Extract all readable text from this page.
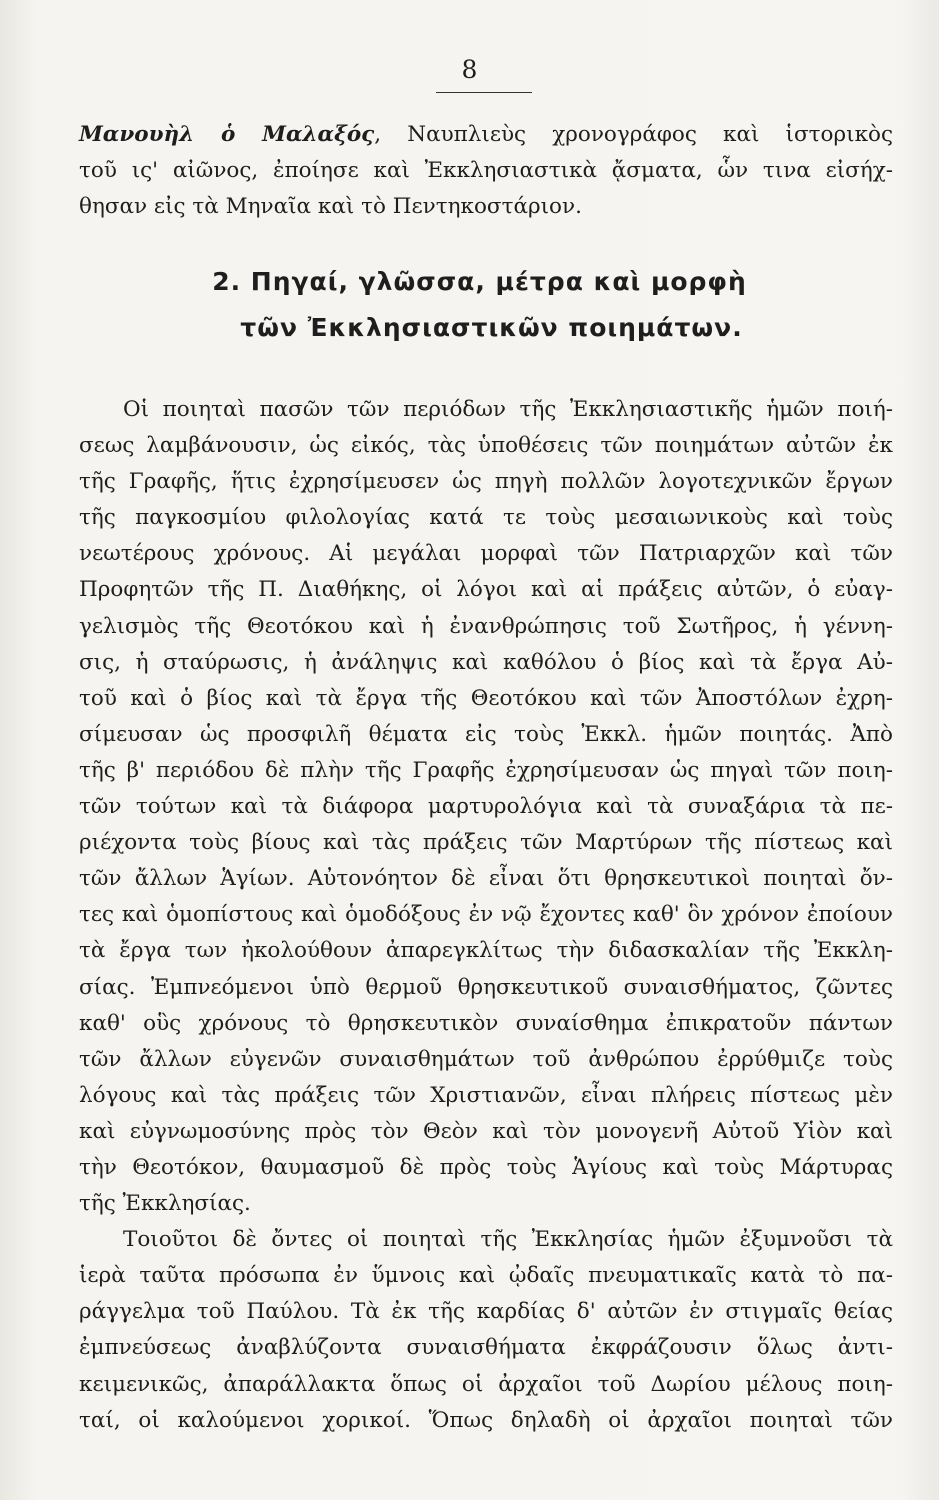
8
Μανουὴλ ὁ Μαλαξός, Ναυπλιεὺς χρονογράφος καὶ ἱστορικὸς
τοῦ ις' αἰῶνος, ἐποίησε καὶ Ἐκκλησιαστικὰ ᾄσματα, ὧν τινα εἰσήχ-
θησαν εἰς τὰ Μηναῖα καὶ τὸ Πεντηκοστάριον.
2. Πηγαί, γλῶσσα, μέτρα καὶ μορφὴ
τῶν Ἐκκλησιαστικῶν ποιημάτων.
Οἱ ποιηταὶ πασῶν τῶν περιόδων τῆς Ἐκκλησιαστικῆς ἡμῶν ποιή-
σεως λαμβάνουσιν, ὡς εἰκός, τὰς ὑποθέσεις τῶν ποιημάτων αὐτῶν ἐκ
τῆς Γραφῆς, ἥτις ἐχρησίμευσεν ὡς πηγὴ πολλῶν λογοτεχνικῶν ἔργων
τῆς παγκοσμίου φιλολογίας κατά τε τοὺς μεσαιωνικοὺς καὶ τοὺς
νεωτέρους χρόνους. Αἱ μεγάλαι μορφαὶ τῶν Πατριαρχῶν καὶ τῶν
Προφητῶν τῆς Π. Διαθήκης, οἱ λόγοι καὶ αἱ πράξεις αὐτῶν, ὁ εὐαγ-
γελισμὸς τῆς Θεοτόκου καὶ ἡ ἐνανθρώπησις τοῦ Σωτῆρος, ἡ γέννη-
σις, ἡ σταύρωσις, ἡ ἀνάληψις καὶ καθόλου ὁ βίος καὶ τὰ ἔργα Αὐ-
τοῦ καὶ ὁ βίος καὶ τὰ ἔργα τῆς Θεοτόκου καὶ τῶν Ἀποστόλων ἐχρη-
σίμευσαν ὡς προσφιλῆ θέματα εἰς τοὺς Ἐκκλ. ἡμῶν ποιητάς. Ἀπὸ
τῆς β' περιόδου δὲ πλὴν τῆς Γραφῆς ἐχρησίμευσαν ὡς πηγαὶ τῶν ποιη-
τῶν τούτων καὶ τὰ διάφορα μαρτυρολόγια καὶ τὰ συναξάρια τὰ πε-
ριέχοντα τοὺς βίους καὶ τὰς πράξεις τῶν Μαρτύρων τῆς πίστεως καὶ
τῶν ἄλλων Ἁγίων. Αὐτονόητον δὲ εἶναι ὅτι θρησκευτικοὶ ποιηταὶ ὄν-
τες καὶ ὁμοπίστους καὶ ὁμοδόξους ἐν νῷ ἔχοντες καθ' ὃν χρόνον ἐποίουν
τὰ ἔργα των ἠκολούθουν ἀπαρεγκλίτως τὴν διδασκαλίαν τῆς Ἐκκλη-
σίας. Ἐμπνεόμενοι ὑπὸ θερμοῦ θρησκευτικοῦ συναισθήματος, ζῶντες
καθ' οὓς χρόνους τὸ θρησκευτικὸν συναίσθημα ἐπικρατοῦν πάντων
τῶν ἄλλων εὐγενῶν συναισθημάτων τοῦ ἀνθρώπου ἐρρύθμιζε τοὺς
λόγους καὶ τὰς πράξεις τῶν Χριστιανῶν, εἶναι πλήρεις πίστεως μὲν
καὶ εὐγνωμοσύνης πρὸς τὸν Θεὸν καὶ τὸν μονογενῆ Αὐτοῦ Υἱὸν καὶ
τὴν Θεοτόκον, θαυμασμοῦ δὲ πρὸς τοὺς Ἁγίους καὶ τοὺς Μάρτυρας
τῆς Ἐκκλησίας.
Τοιοῦτοι δὲ ὄντες οἱ ποιηταὶ τῆς Ἐκκλησίας ἡμῶν ἐξυμνοῦσι τὰ
ἱερὰ ταῦτα πρόσωπα ἐν ὕμνοις καὶ ᾠδαῖς πνευματικαῖς κατὰ τὸ πα-
ράγγελμα τοῦ Παύλου. Τὰ ἐκ τῆς καρδίας δ' αὐτῶν ἐν στιγμαῖς θείας
ἐμπνεύσεως ἀναβλύζοντα συναισθήματα ἐκφράζουσιν ὅλως ἀντι-
κειμενικῶς, ἀπαράλλακτα ὅπως οἱ ἀρχαῖοι τοῦ Δωρίου μέλους ποιη-
ταί, οἱ καλούμενοι χορικοί. Ὅπως δηλαδὴ οἱ ἀρχαῖοι ποιηταὶ τῶν
